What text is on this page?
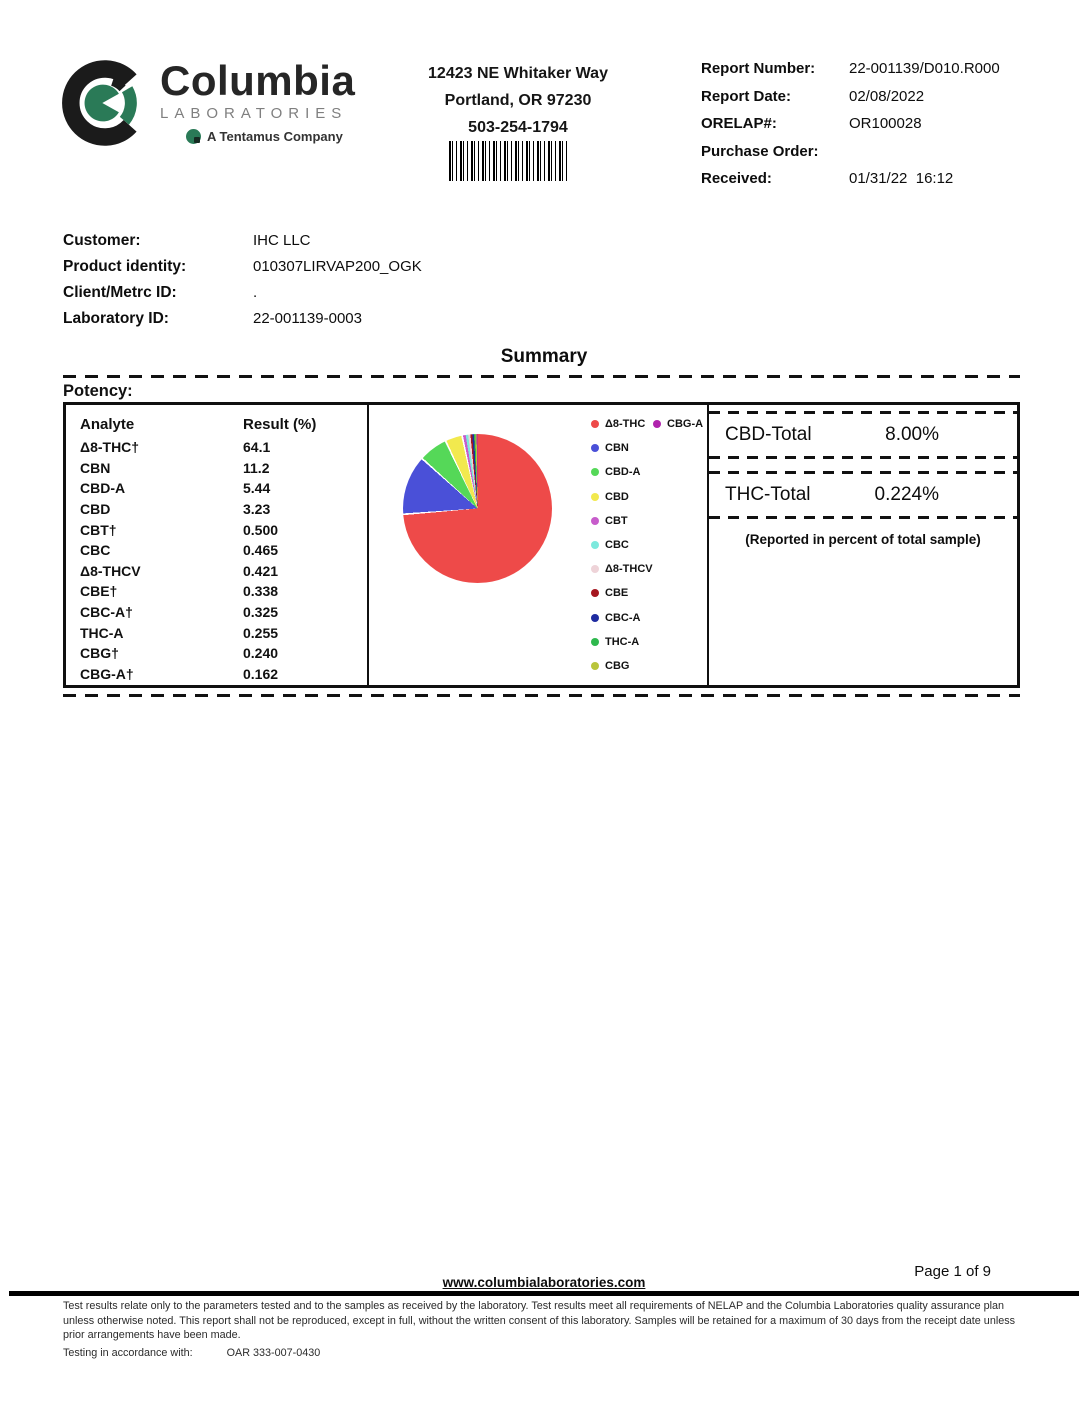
Columbia
LABORATORIES
A Tentamus Company
12423 NE Whitaker Way
Portland, OR 97230
503-254-1794
Report Number:	22-001139/D010.R000
Report Date:	02/08/2022
ORELAP#:	OR100028
Purchase Order:
Received:	01/31/22  16:12
Customer:	IHC LLC
Product identity:	010307LIRVAP200_OGK
Client/Metrc ID:	.
Laboratory ID:	22-001139-0003
Summary
Potency:
Analyte	Result (%)
Δ8-THC†	64.1
CBN	11.2
CBD-A	5.44
CBD	3.23
CBT†	0.500
CBC	0.465
Δ8-THCV	0.421
CBE†	0.338
CBC-A†	0.325
THC-A	0.255
CBG†	0.240
CBG-A†	0.162
Δ8-THC
CBN
CBD-A
CBD
CBT
CBC
Δ8-THCV
CBE
CBC-A
THC-A
CBG
CBG-A CBD-Total	8.00%
THC-Total	0.224%
(Reported in percent of total sample)
Page 1 of 9
www.columbialaboratories.com

Test results relate only to the parameters tested and to the samples as received by the laboratory. Test results meet all requirements of NELAP and the Columbia Laboratories quality assurance plan unless otherwise noted. This report shall not be reproduced, except in full, without the written consent of this laboratory. Samples will be retained for a maximum of 30 days from the receipt date unless prior arrangements have been made.

Testing in accordance with:	OAR 333-007-0430
